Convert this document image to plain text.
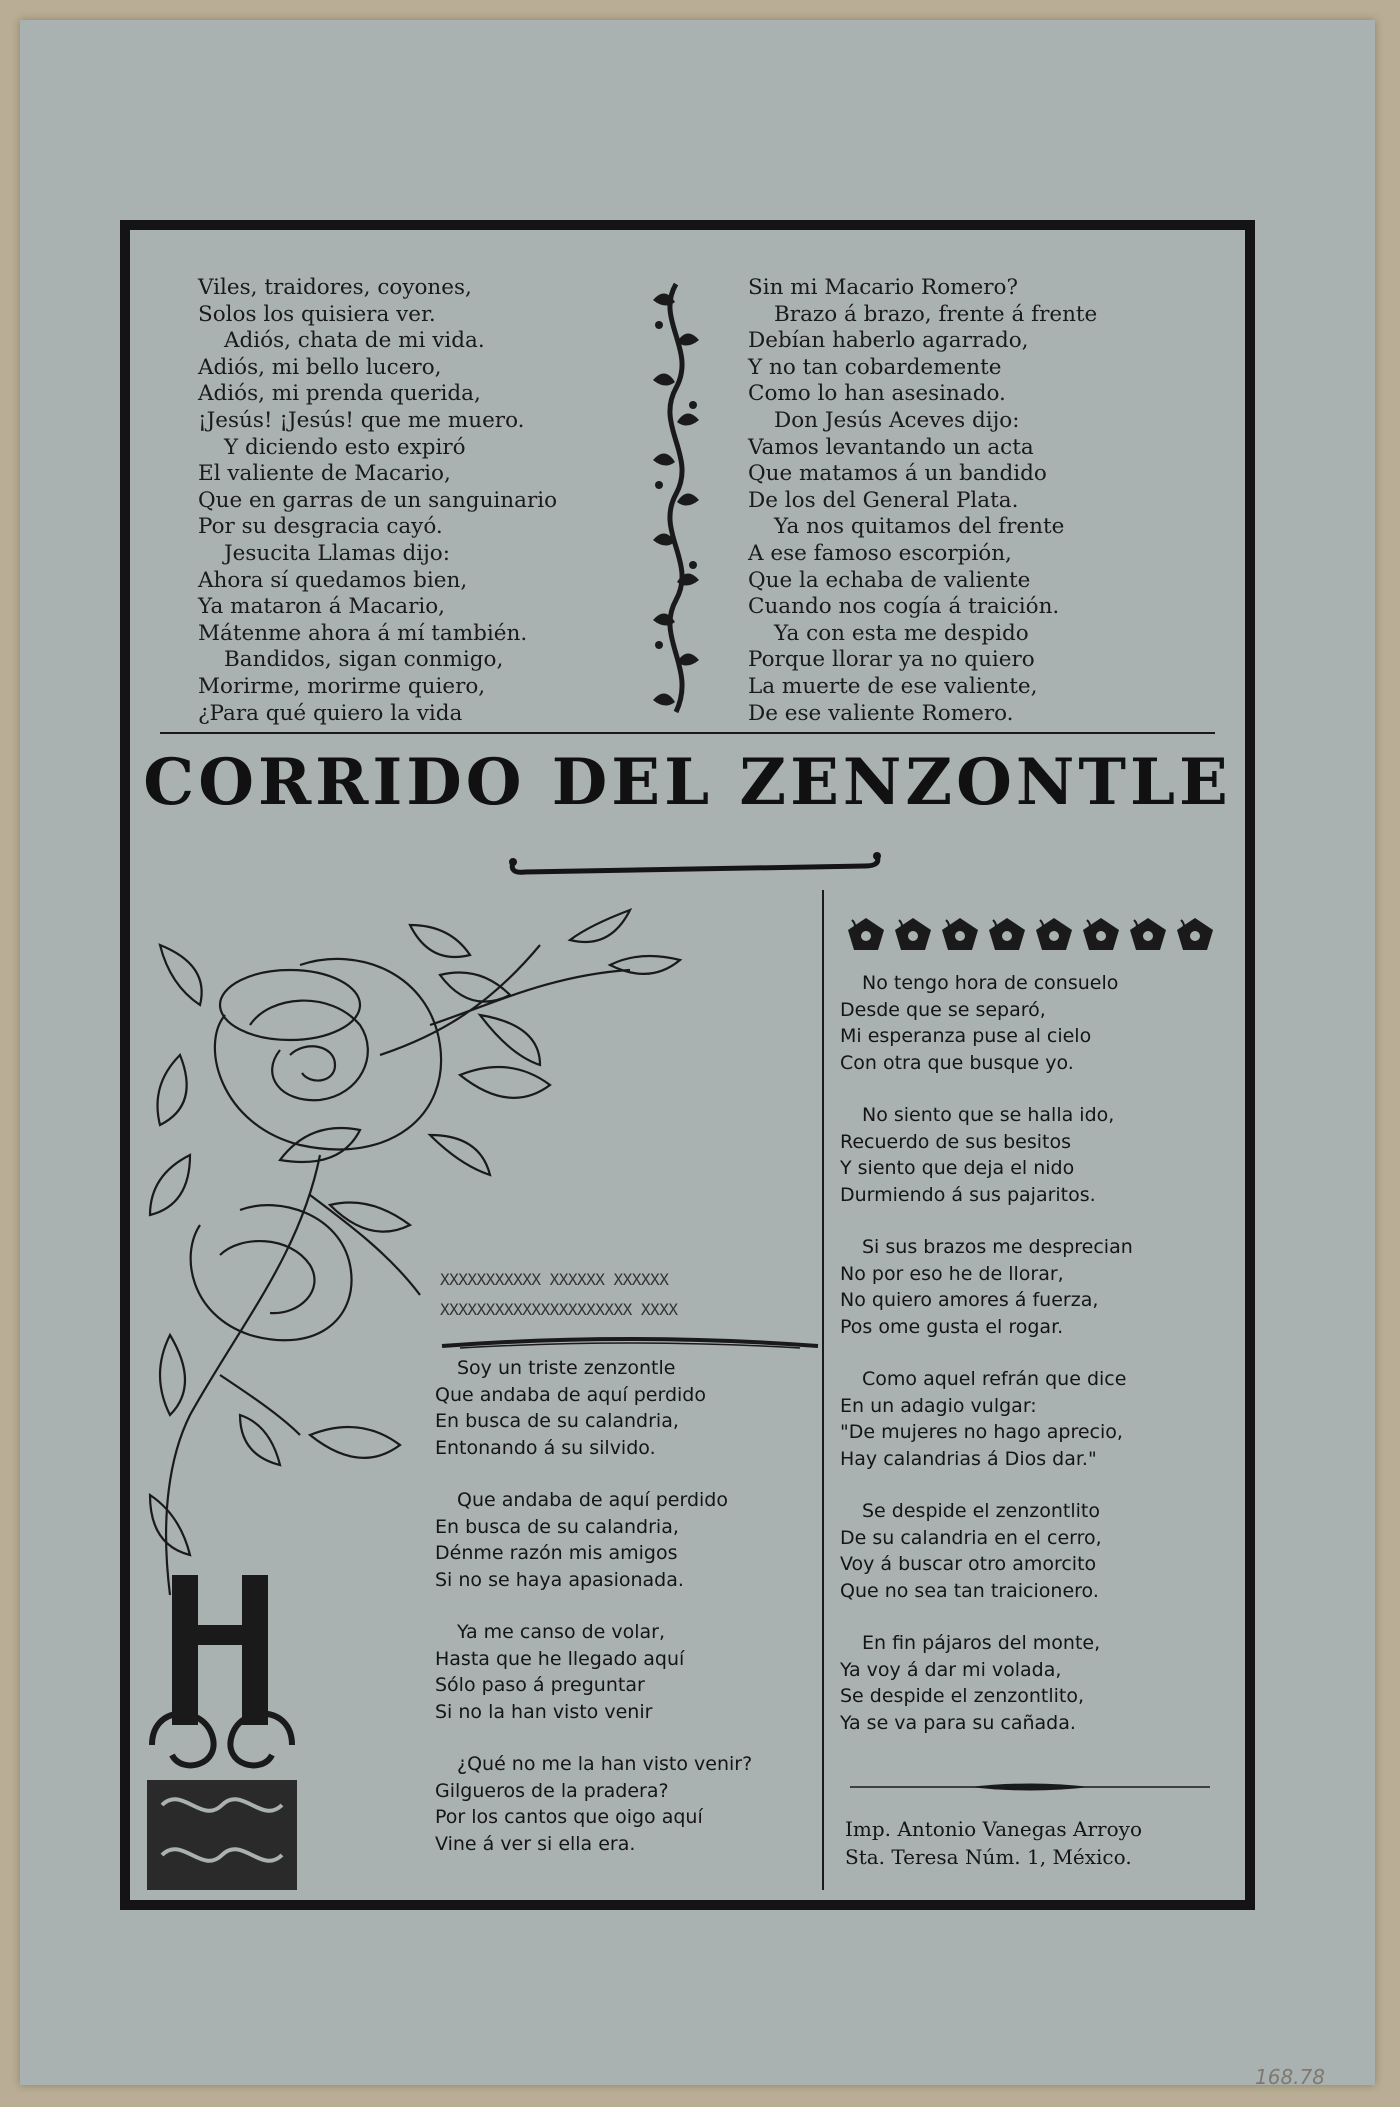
Viles, traidores, coyones,
Solos los quisiera ver.
Adiós, chata de mi vida.
Adiós, mi bello lucero,
Adiós, mi prenda querida,
¡Jesús! ¡Jesús! que me muero.
Y diciendo esto expiró
El valiente de Macario,
Que en garras de un sanguinario
Por su desgracia cayó.
Jesucita Llamas dijo:
Ahora sí quedamos bien,
Ya mataron á Macario,
Mátenme ahora á mí también.
Bandidos, sigan conmigo,
Morirme, morirme quiero,
¿Para qué quiero la vida
Sin mi Macario Romero?
Brazo á brazo, frente á frente
Debían haberlo agarrado,
Y no tan cobardemente
Como lo han asesinado.
Don Jesús Aceves dijo:
Vamos levantando un acta
Que matamos á un bandido
De los del General Plata.
Ya nos quitamos del frente
A ese famoso escorpión,
Que la echaba de valiente
Cuando nos cogía á traición.
Ya con esta me despido
Porque llorar ya no quiero
La muerte de ese valiente,
De ese valiente Romero.
CORRIDO DEL ZENZONTLE
XXXXXXXXXXX XXXXXX XXXXXX
XXXXXXXXXXXXXXXXXXXXX XXXX
Soy un triste zenzontle
Que andaba de aquí perdido
En busca de su calandria,
Entonando á su silvido.
Que andaba de aquí perdido
En busca de su calandria,
Dénme razón mis amigos
Si no se haya apasionada.
Ya me canso de volar,
Hasta que he llegado aquí
Sólo paso á preguntar
Si no la han visto venir
¿Qué no me la han visto venir?
Gilgueros de la pradera?
Por los cantos que oigo aquí
Vine á ver si ella era.
No tengo hora de consuelo
Desde que se separó,
Mi esperanza puse al cielo
Con otra que busque yo.
No siento que se halla ido,
Recuerdo de sus besitos
Y siento que deja el nido
Durmiendo á sus pajaritos.
Si sus brazos me desprecian
No por eso he de llorar,
No quiero amores á fuerza,
Pos ome gusta el rogar.
Como aquel refrán que dice
En un adagio vulgar:
"De mujeres no hago aprecio,
Hay calandrias á Dios dar."
Se despide el zenzontlito
De su calandria en el cerro,
Voy á buscar otro amorcito
Que no sea tan traicionero.
En fin pájaros del monte,
Ya voy á dar mi volada,
Se despide el zenzontlito,
Ya se va para su cañada.
Imp. Antonio Vanegas Arroyo
Sta. Teresa Núm. 1, México.
168.78
